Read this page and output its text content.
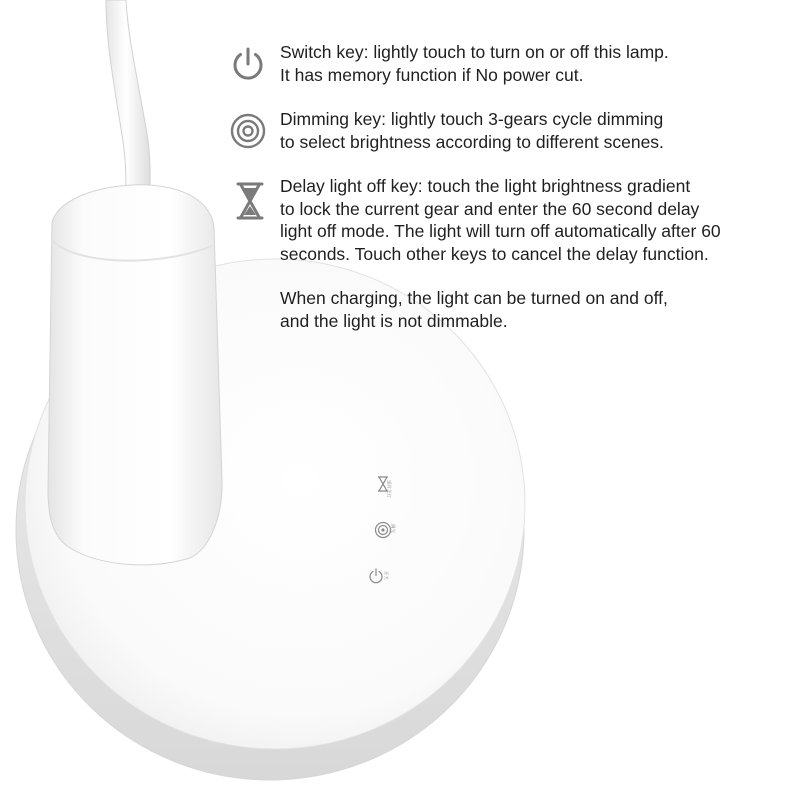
延时关灯
调光
开关
Switch key: lightly touch to turn on or off this lamp.
It has memory function if No power cut.
Dimming key: lightly touch 3-gears cycle dimming
to select brightness according to different scenes.
Delay light off key: touch the light brightness gradient
to lock the current gear and enter the 60 second delay
light off mode. The light will turn off automatically after 60
seconds. Touch other keys to cancel the delay function.
When charging, the light can be turned on and off,
and the light is not dimmable.
